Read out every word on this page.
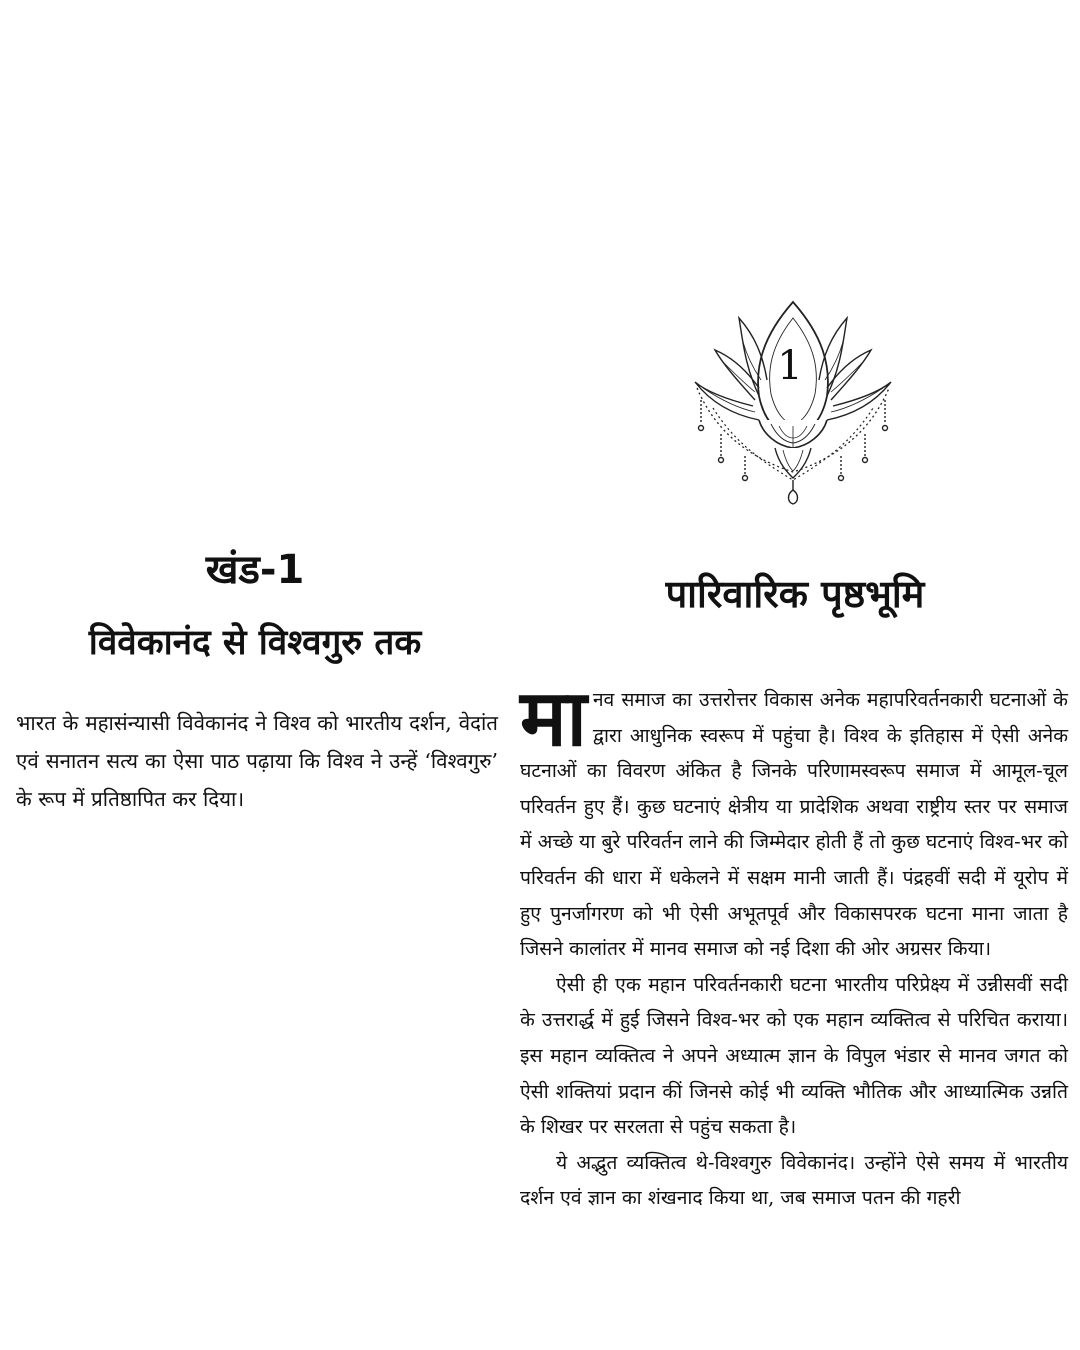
खंड-1
विवेकानंद से विश्वगुरु तक

भारत के महासंन्यासी विवेकानंद ने विश्व को भारतीय दर्शन, वेदांत एवं सनातन सत्य का ऐसा पाठ पढ़ाया कि विश्व ने उन्हें ‘विश्वगुरु’ के रूप में प्रतिष्ठापित कर दिया।

1
पारिवारिक पृष्ठभूमि

मानव समाज का उत्तरोत्तर विकास अनेक महापरिवर्तनकारी घटनाओं के द्वारा आधुनिक स्वरूप में पहुंचा है। विश्व के इतिहास में ऐसी अनेक घटनाओं का विवरण अंकित है जिनके परिणामस्वरूप समाज में आमूल-चूल परिवर्तन हुए हैं। कुछ घटनाएं क्षेत्रीय या प्रादेशिक अथवा राष्ट्रीय स्तर पर समाज में अच्छे या बुरे परिवर्तन लाने की जिम्मेदार होती हैं तो कुछ घटनाएं विश्व-भर को परिवर्तन की धारा में धकेलने में सक्षम मानी जाती हैं। पंद्रहवीं सदी में यूरोप में हुए पुनर्जागरण को भी ऐसी अभूतपूर्व और विकासपरक घटना माना जाता है जिसने कालांतर में मानव समाज को नई दिशा की ओर अग्रसर किया।

ऐसी ही एक महान परिवर्तनकारी घटना भारतीय परिप्रेक्ष्य में उन्नीसवीं सदी के उत्तरार्द्ध में हुई जिसने विश्व-भर को एक महान व्यक्तित्व से परिचित कराया। इस महान व्यक्तित्व ने अपने अध्यात्म ज्ञान के विपुल भंडार से मानव जगत को ऐसी शक्तियां प्रदान कीं जिनसे कोई भी व्यक्ति भौतिक और आध्यात्मिक उन्नति के शिखर पर सरलता से पहुंच सकता है।

ये अद्भुत व्यक्तित्व थे-विश्वगुरु विवेकानंद। उन्होंने ऐसे समय में भारतीय दर्शन एवं ज्ञान का शंखनाद किया था, जब समाज पतन की गहरी
